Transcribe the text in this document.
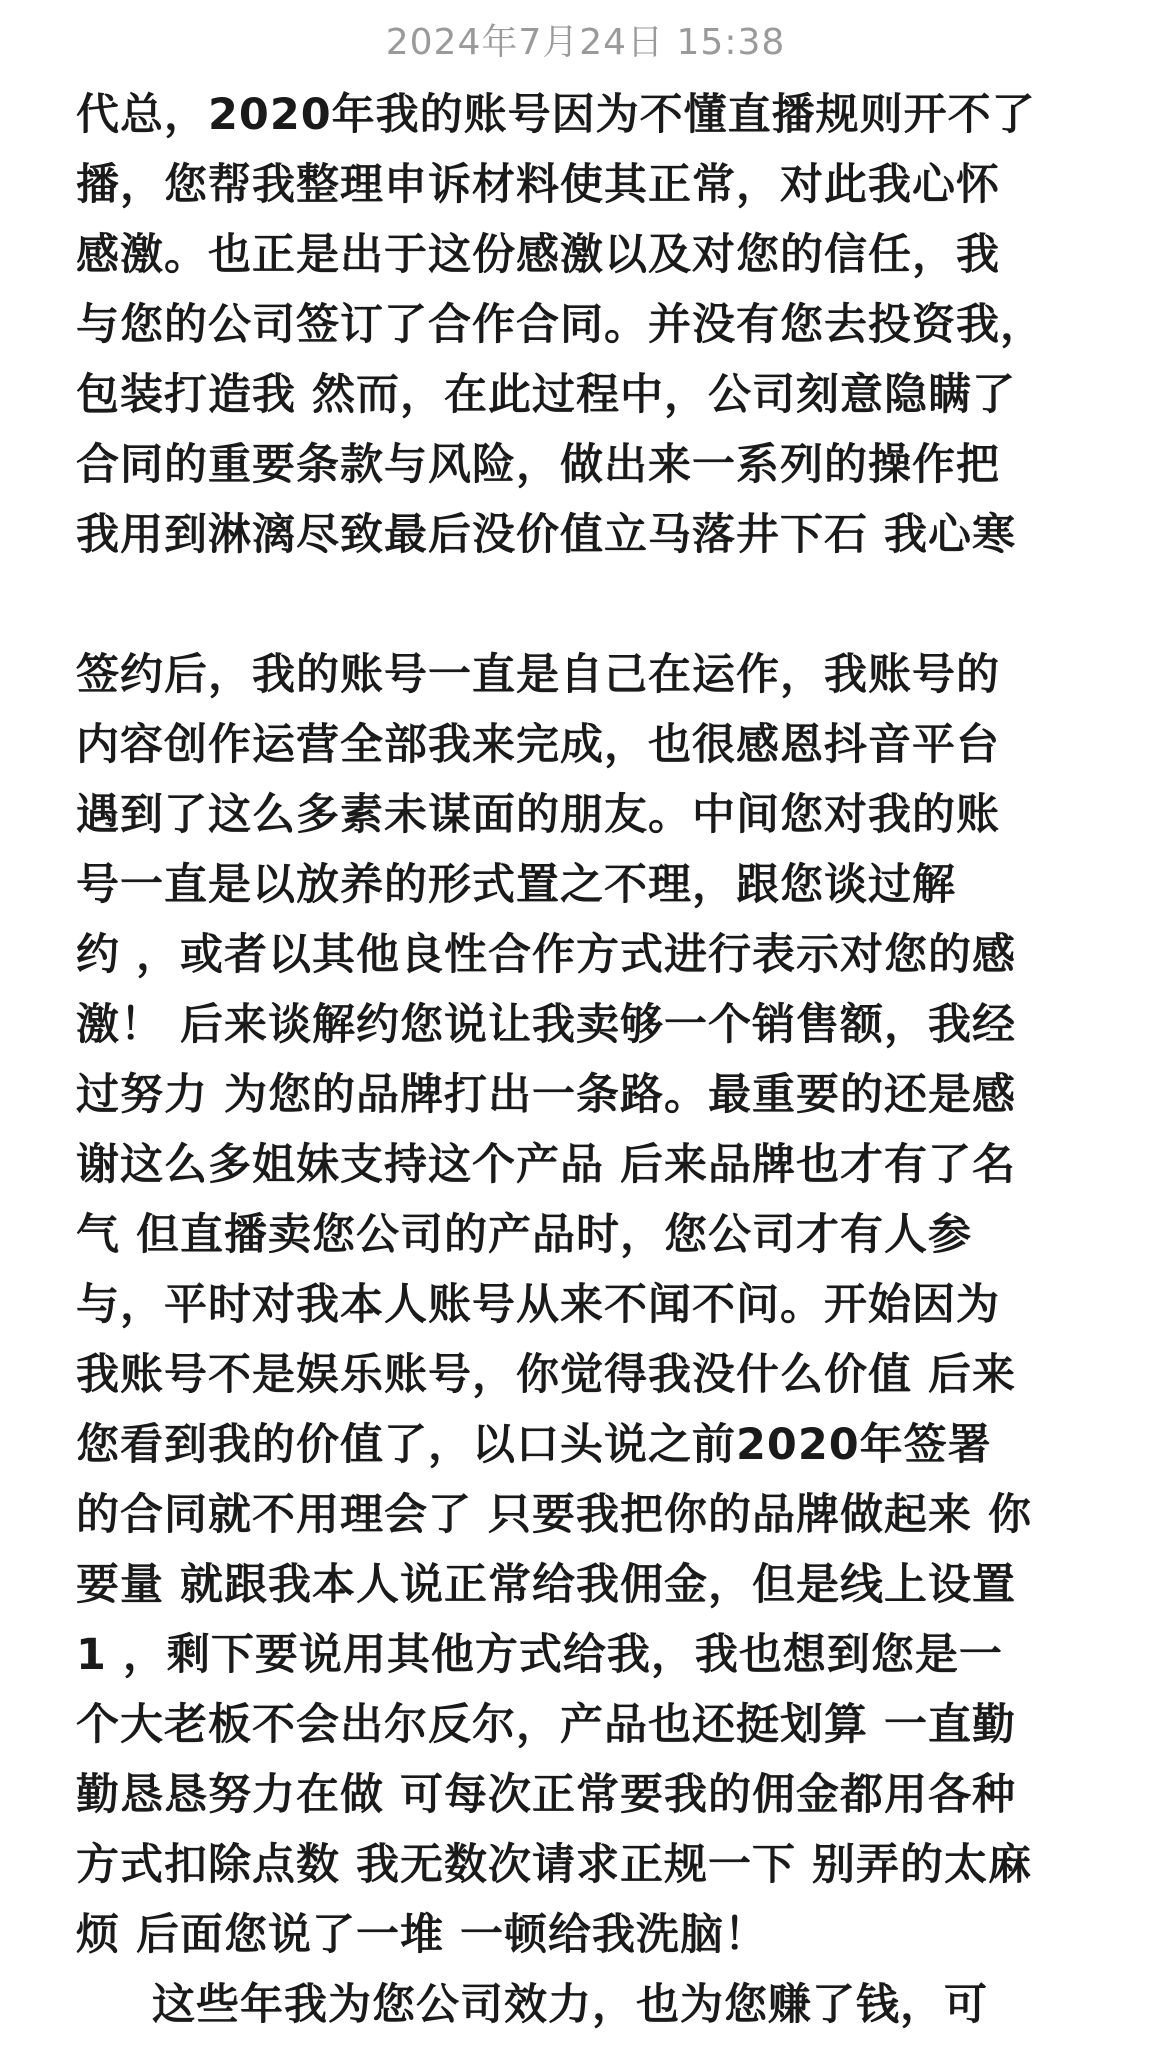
2024年7月24日 15:38
代总，2020年我的账号因为不懂直播规则开不了
播，您帮我整理申诉材料使其正常，对此我心怀
感激。也正是出于这份感激以及对您的信任，我
与您的公司签订了合作合同。并没有您去投资我，
包装打造我 然而，在此过程中，公司刻意隐瞒了
合同的重要条款与风险，做出来一系列的操作把
我用到淋漓尽致最后没价值立马落井下石 我心寒
签约后，我的账号一直是自己在运作，我账号的
内容创作运营全部我来完成，也很感恩抖音平台
遇到了这么多素未谋面的朋友。中间您对我的账
号一直是以放养的形式置之不理，跟您谈过解
约 ，或者以其他良性合作方式进行表示对您的感
激！ 后来谈解约您说让我卖够一个销售额，我经
过努力 为您的品牌打出一条路。最重要的还是感
谢这么多姐妹支持这个产品 后来品牌也才有了名
气 但直播卖您公司的产品时，您公司才有人参
与，平时对我本人账号从来不闻不问。开始因为
我账号不是娱乐账号，你觉得我没什么价值 后来
您看到我的价值了，以口头说之前2020年签署
的合同就不用理会了 只要我把你的品牌做起来 你
要量 就跟我本人说正常给我佣金，但是线上设置
1 ，剩下要说用其他方式给我，我也想到您是一
个大老板不会出尔反尔，产品也还挺划算 一直勤
勤恳恳努力在做 可每次正常要我的佣金都用各种
方式扣除点数 我无数次请求正规一下 别弄的太麻
烦 后面您说了一堆 一顿给我洗脑！
这些年我为您公司效力，也为您赚了钱，可
